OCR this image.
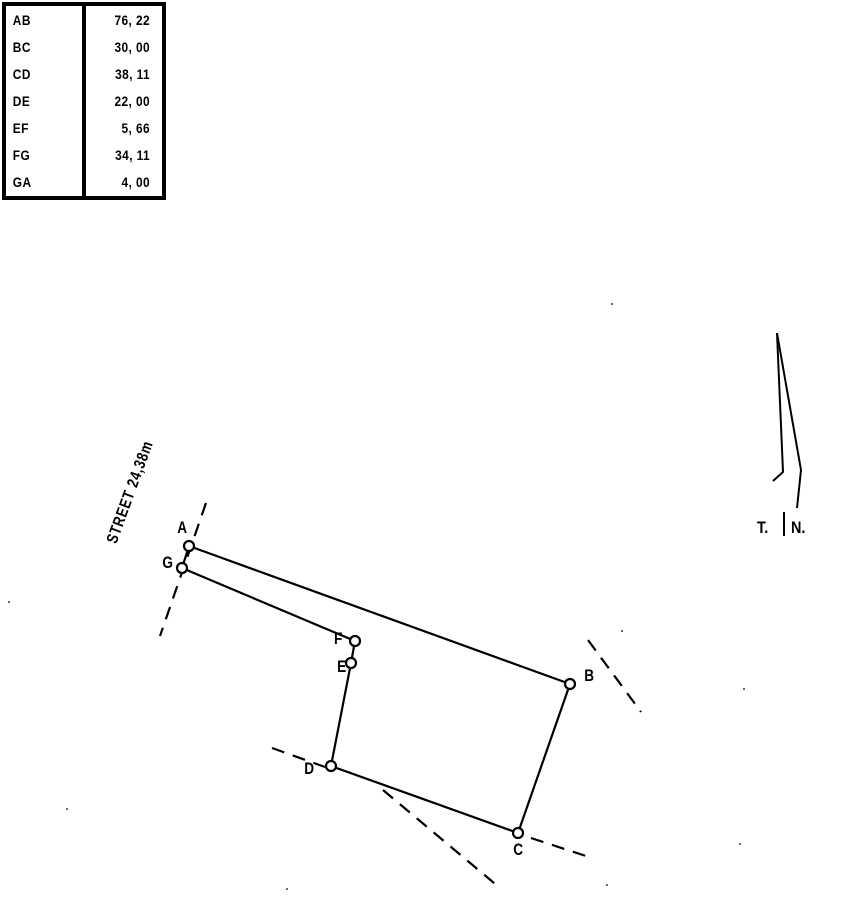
AB	76, 22
BC	30, 00
CD	38, 11
DE	22, 00
EF	5, 66
FG	34, 11
GA	4, 00
A
B
C
D
E
F
G
STREET 24,38m	T. N.
